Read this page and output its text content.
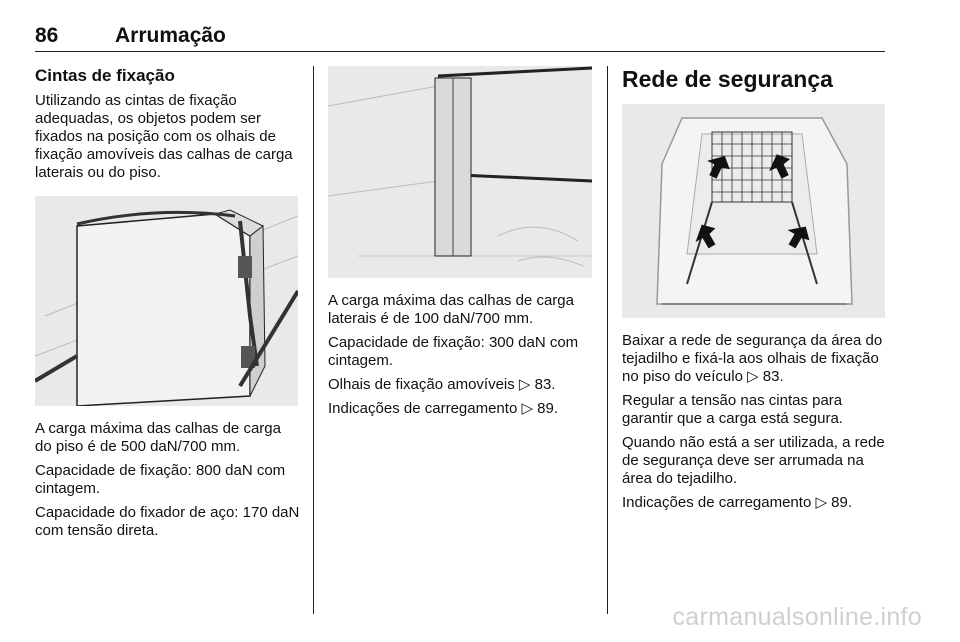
86	Arrumação
Cintas de fixação

Utilizando as cintas de fixação adequadas, os objetos podem ser fixados na posição com os olhais de fixação amovíveis das calhas de carga laterais ou do piso.

A carga máxima das calhas de carga do piso é de 500 daN/700 mm.

Capacidade de fixação: 800 daN com cintagem.

Capacidade do fixador de aço: 170 daN com tensão direta.

A carga máxima das calhas de carga laterais é de 100 daN/700 mm.

Capacidade de fixação: 300 daN com cintagem.

Olhais de fixação amovíveis ▷ 83.

Indicações de carregamento ▷ 89.

Rede de segurança

Baixar a rede de segurança da área do tejadilho e fixá-la aos olhais de fixação no piso do veículo ▷ 83.

Regular a tensão nas cintas para garantir que a carga está segura.

Quando não está a ser utilizada, a rede de segurança deve ser arrumada na área do tejadilho.

Indicações de carregamento ▷ 89.

carmanualsonline.info
